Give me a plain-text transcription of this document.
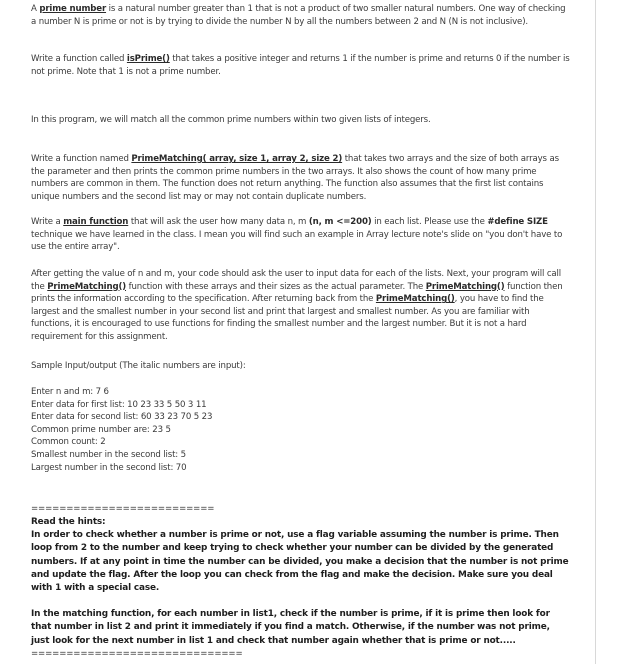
A prime number is a natural number greater than 1 that is not a product of two smaller natural numbers. One way of checking a number N is prime or not is by trying to divide the number N by all the numbers between 2 and N (N is not inclusive).

Write a function called isPrime() that takes a positive integer and returns 1 if the number is prime and returns 0 if the number is not prime. Note that 1 is not a prime number.

In this program, we will match all the common prime numbers within two given lists of integers.

Write a function named PrimeMatching( array, size 1, array 2, size 2) that takes two arrays and the size of both arrays as the parameter and then prints the common prime numbers in the two arrays. It also shows the count of how many prime numbers are common in them. The function does not return anything. The function also assumes that the first list contains unique numbers and the second list may or may not contain duplicate numbers.

Write a main function that will ask the user how many data n, m (n, m <=200) in each list. Please use the #define SIZE technique we have learned in the class. I mean you will find such an example in Array lecture note's slide on "you don't have to use the entire array".

After getting the value of n and m, your code should ask the user to input data for each of the lists. Next, your program will call the PrimeMatching() function with these arrays and their sizes as the actual parameter. The PrimeMatching() function then prints the information according to the specification. After returning back from the PrimeMatching(), you have to find the largest and the smallest number in your second list and print that largest and smallest number. As you are familiar with functions, it is encouraged to use functions for finding the smallest number and the largest number. But it is not a hard requirement for this assignment.

Sample Input/output (The italic numbers are input):

Enter n and m: 7 6
Enter data for first list: 10 23 33 5 50 3 11
Enter data for second list: 60 33 23 70 5 23
Common prime number are: 23 5
Common count: 2
Smallest number in the second list: 5
Largest number in the second list: 70
==========================

Read the hints:

In order to check whether a number is prime or not, use a flag variable assuming the number is prime. Then loop from 2 to the number and keep trying to check whether your number can be divided by the generated numbers. If at any point in time the number can be divided, you make a decision that the number is not prime and update the flag. After the loop you can check from the flag and make the decision. Make sure you deal with 1 with a special case.

In the matching function, for each number in list1, check if the number is prime, if it is prime then look for that number in list 2 and print it immediately if you find a match. Otherwise, if the number was not prime, just look for the next number in list 1 and check that number again whether that is prime or not.....

==============================
